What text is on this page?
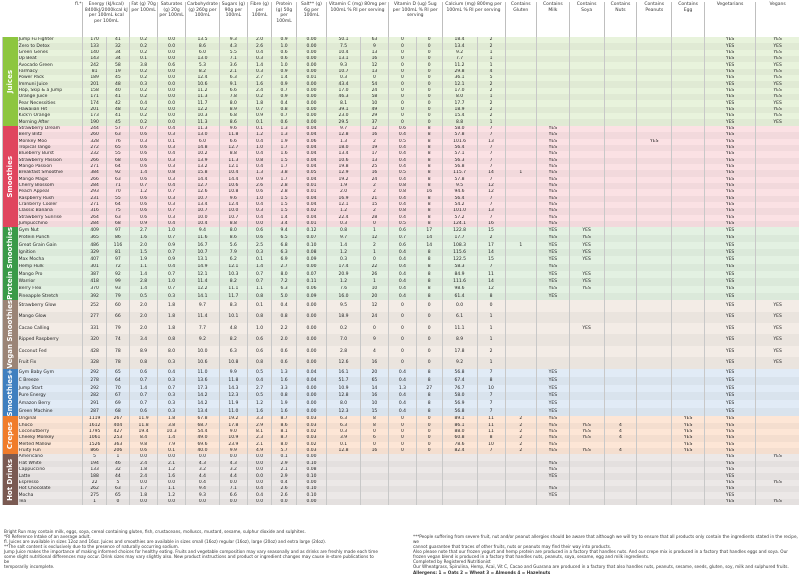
	fl.*	Energy (kJ/kcal) 8400kJ/2000kcal kJ per 100mL kcal per 100mL		Fat (g) 70g per 100mL	Saturates (g) 20g per 100mL	Carbohydrate (g) 260g per 100mL	Sugars (g) 90g per 100mL	Fibre (g) per 100mL	Protein (g) 50g per 100mL	Salt** (g) 6g per 100mL	Vitamin C (mg) 80mg per 100mL % RI per serving		Vitamin D (ug) 5ug per 100mL % RI per serving		Calcium (mg) 800mg per 100mL % RI per serving		Contains Gluten	Contains Milk	Contains Soya	Contains Nuts	Contains Peanuts	Contains Egg	Vegetarians	Vegans

Juices	Jump Fu Fighter	170	41	0.2	0.0	13.5	9.3	2.0	0.9	0.00	50.1	63	0	0	18.4	2							YES	YES
	Zero to Detox	133	32	0.2	0.0	8.6	4.3	2.6	1.0	0.00	7.5	9	0	0	13.4	2							YES	YES
	Green Genes	140	34	0.2	0.0	6.0	5.5	0.4	0.6	0.00	10.4	13	0	0	9.2	1							YES	YES
	Up Beat	143	34	0.1	0.0	13.0	7.1	0.3	0.6	0.00	13.1	16	0	0	7.7	1							YES	YES
	Avocado Green	242	58	3.8	0.6	5.3	3.6	1.4	1.0	0.00	9.3	12	0	0	11.2	1							YES	YES
	Farmacy	81	19	0.2	0.0	8.2	2.1	0.3	0.9	0.00	10.7	13	0	0	29.8	4							YES	YES
	Power Pack	189	45	0.2	0.0	12.4	6.3	2.7	1.4	0.01	0.3	0	0	0	36.1	5							YES	YES
	Immuni Juice	201	48	0.3	0.0	10.6	9.1	1.6	0.9	0.00	43.4	54	0	0	12.1	2							YES	YES
	Hop, Skip & a Jump	158	40	0.2	0.0	11.2	6.6	2.4	0.7	0.00	17.0	24	0	0	17.0	2							YES	YES
	Orange Juice	171	41	0.2	0.0	11.3	7.8	0.2	0.9	0.00	46.3	58	0	0	8.0	1							YES	YES
	Pear Necessities	174	42	0.4	0.0	11.7	8.0	1.8	0.4	0.00	8.1	10	0	0	17.7	2							YES	YES
	Hawaiian Hit	201	48	0.2	0.0	12.2	8.9	0.7	0.8	0.00	39.1	49	0	0	18.9	2							YES	YES
	Kick'n Orange	173	41	0.2	0.0	10.3	6.8	0.9	0.7	0.00	23.0	29	0	0	15.4	2							YES	YES
	Morning After	190	45	0.2	0.0	11.3	8.6	0.1	0.6	0.00	29.5	37	0	0	8.8	1							YES	YES

Smoothies	Strawberry Dream	244	57	0.7	0.4	11.3	9.6	0.1	1.3	0.04	9.7	12	0.6	8	58.0	7		YES					YES	
	Berry Blitz	260	63	0.6	0.3	13.0	11.8	1.2	1.3	0.04	12.8	16	0.4	8	57.8	7		YES					YES	
	Monkey Moo	328	76	0.3	0.1	6.0	6.6	0.4	1.9	0.06	1.3	2	0.5	8	101.6	13		YES			YES		YES	
	Tropical Tango	272	65	0.6	0.3	14.8	12.7	1.0	1.7	0.04	18.0	19	0.4	8	56.4	7		YES					YES	
	Blueberry Burst	232	55	0.6	0.4	10.2	8.8	0.4	1.6	0.04	13.4	17	0.4	8	57.1	7		YES					YES	
	Strawberry Passion	266	68	0.6	0.3	13.9	11.3	0.8	1.5	0.04	10.6	13	0.4	8	56.3	7		YES					YES	
	Mango Passion	271	64	0.6	0.3	13.2	12.1	0.4	1.7	0.04	19.8	25	0.4	8	56.8	7		YES					YES	
	Breakfast Smoothie	384	92	1.4	0.8	15.8	10.4	1.3	3.8	0.05	12.9	16	0.5	8	115.7	14	1	YES					YES	
	Mango Magic	266	63	0.6	0.3	14.4	14.4	0.9	1.7	0.04	19.2	24	0.4	8	57.8	7		YES					YES	
	Cherry Blossom	284	71	0.7	0.4	12.7	10.6	2.6	2.8	0.01	1.9	2	0.8	8	9.5	12		YES					YES	
	Peach Appeal	293	70	1.2	0.7	12.6	10.8	0.6	2.8	0.01	2.0	2	0.8	16	94.6	12		YES					YES	
	Raspberry Rush	231	55	0.6	0.3	10.7	9.6	1.0	1.5	0.04	16.9	21	0.4	8	56.4	7		YES					YES	
	Cranberry Cooler	271	64	0.6	0.3	13.4	12.4	0.4	1.5	0.04	12.1	15	0.4	8	54.2	7		YES					YES	
	Classic Banana	316	75	0.6	0.7	10.7	10.0	0.3	1.5	0.02	1.2	2	0.8	8	101.0	13		YES					YES	
	Strawberry Sunrise	264	63	0.6	0.3	10.0	10.7	0.4	1.4	0.04	22.4	28	0.4	8	57.2	7		YES					YES	
	Jumpucchino	284	68	0.9	0.4	10.4	8.8	0.0	3.4	0.01	0.3	0	0.5	8	124.1	16		YES					YES	

Protein Smoothies	Gym Nut	409	97	2.7	1.0	9.4	8.0	0.6	9.4	0.12	0.8	1	0.6	17	122.8	15		YES	YES				YES	
	Protein Punch	365	86	1.6	0.7	11.6	8.6	0.6	6.5	0.07	9.7	12	0.7	14	17.7	2		YES	YES				YES	
	Great Grain Gain	486	116	2.0	0.9	16.7	5.6	2.5	6.8	0.10	1.4	2	0.6	14	108.3	17	1	YES	YES				YES	
	Ignition	329	81	1.5	0.7	10.7	7.9	0.3	6.3	0.08	1.2	1	0.4	8	115.6	14		YES	YES				YES	
	Max Mocha	407	97	1.9	0.9	13.1	6.2	0.1	6.9	0.09	0.3	0	0.4	8	122.5	15		YES	YES				YES	
	Hemp Hulk	301	72	1.1	0.4	14.9	12.1	1.4	2.7	0.00	17.4	22	0.4	8	58.3	7		YES					YES	
	Mango Pro	387	92	1.4	0.7	12.1	10.3	0.7	8.0	0.07	20.9	26	0.4	8	84.9	11		YES	YES				YES	
	Warrior	418	99	2.8	1.0	11.4	8.2	0.7	7.2	0.11	1.2	1	0.4	8	111.6	14		YES	YES				YES	
	Berry Flex	370	93	1.4	0.7	12.2	11.1	1.1	6.3	0.06	7.6	10	0.4	8	98.6	12		YES	YES				YES	
	Pineapple Stretch	392	79	0.5	0.3	14.1	11.7	0.8	5.0	0.09	16.0	20	0.4	8	61.4	8		YES					YES	

Vegan Smoothies	Strawberry Glow	252	60	2.0	1.8	9.7	8.3	0.1	0.4	0.00	9.5	12	0	0	0.0	0							YES	YES
	Mango Glow	277	66	2.0	1.8	11.4	10.1	0.8	0.8	0.00	18.9	24	0	0	6.1	1							YES	YES
	Cacao Calling	331	79	2.0	1.8	7.7	4.8	1.0	2.2	0.00	0.2	0	0	0	11.1	1			YES				YES	YES
	Ripped Raspberry	320	74	3.4	0.8	9.2	8.2	0.6	2.0	0.00	7.0	9	0	0	8.9	1							YES	YES
	Coconut Fed	428	78	8.9	8.0	10.0	6.3	0.6	0.6	0.00	2.8	4	0	0	17.8	2							YES	YES
	Fruit Fix	328	78	0.8	0.3	10.6	10.8	0.8	0.6	0.00	12.6	16	0	0	9.2	1							YES	YES

Smoothies+	Gym Baby Gym	292	65	0.6	0.4	11.0	9.9	0.5	1.3	0.04	16.1	20	0.4	8	56.8	7		YES					YES	
	C Breeze	278	64	0.7	0.3	13.6	11.8	0.4	1.6	0.04	51.7	65	0.4	8	67.4	8		YES					YES	
	Jump Start	292	70	1.4	0.7	17.3	14.3	2.7	3.3	0.00	10.9	14	1.3	27	76.7	10		YES					YES	
	Pure Energy	282	67	0.7	0.3	14.2	12.3	0.5	0.8	0.00	12.8	16	0.4	8	58.0	7		YES					YES	
	Amazon Berry	291	69	0.7	0.3	14.2	11.9	1.2	1.9	0.00	8.0	10	0.4	8	56.9	7		YES					YES	
	Green Machine	287	68	0.6	0.3	13.4	11.0	1.6	1.6	0.00	12.3	15	0.4	8	56.8	7		YES					YES	

Crepes	Original	1119	267	11.9	1.8	67.8	19.2	3.3	8.7	0.03	6.3	8	0	0	89.1	11	2	YES				YES	YES	
	Choco	1612	404	11.8	3.8	68.7	17.8	2.9	8.6	0.03	6.3	8	0	0	86.1	11	2	YES	YES	4		YES	YES	
	Coconutberry	1795	427	19.4	10.3	54.4	9.0	8.1	8.1	0.02	0.3	0	0	0	88.0	11	2	YES	YES	4		YES	YES	
	Cheeky Monkey	1061	253	8.4	1.4	49.0	10.9	2.3	8.7	0.03	3.9	6	0	0	60.8	8	2	YES	YES	4		YES	YES	
	Melted Mallow	1526	363	9.8	7.9	69.6	23.9	2.1	8.0	0.02	0.1	0	0	0	78.6	10	2	YES				YES	YES	
	Fruity Fun	866	206	0.6	0.1	40.0	9.9	4.9	5.7	0.03	12.8	16	0	0	82.4	7	2	YES	YES	4		YES	YES	

Hot Drinks	Americano	5	1	0.0	0.0	0.0	0.0	0.0	0.1	0.00													YES	YES
	Flat White	194	46	2.4	2.1	4.3	4.3	0.0	2.9	0.10								YES					YES	
	Cappuccino	133	32	1.8	1.2	3.2	3.2	0.0	2.1	0.08								YES					YES	
	Latte	188	44	2.4	1.6	4.4	4.4	0.0	2.9	0.10								YES					YES	
	Espresso	22	5	0.0	0.0	0.4	0.0	0.0	0.4	0.00													YES	YES
	Hot Chocolate	262	63	1.7	1.1	9.4	7.1	0.4	2.6	0.10								YES					YES	
	Mocha	275	65	1.8	1.2	9.3	6.6	0.4	2.6	0.10								YES					YES	
	Tea	1	0	0.0	0.0	0.0	0.0	0.0	0.0	0.00													YES	YES
Bright Run may contain milk, eggs, soya, cereal containing gluten, fish, crustaceans, molluscs, mustard, sesame, sulphur dioxide and sulphites.
*RI Reference Intake of an average adult.
fl. Juices are available in sizes 12oz and 16oz. Juices and smoothies are available in sizes small (16oz) regular (16oz), large (20oz) and extra large (24oz).
**The salt content is exclusively due to the presence of naturally occurring sodium.
Jump Juice makes the importance of making informed choices for healthy eating. Fruits and vegetable composition may vary seasonally and as drinks are freshly made each time
some slight nutritional differences may occur. Drink sizes may vary slightly also. New product instructions and product or ingredient changes may cause in-store publications to be
temporarily incomplete.

***People suffering from severe fruit, nut and/or peanut allergies should be aware that although we will try to ensure that all products only contain the ingredients stated in the recipe, we
cannot guarantee that traces of other fruits, nuts or peanuts may find their way into products.
Also please note that our frozen yogurt and hemp protein are produced in a factory that handles nuts. And our crepe mix is produced in a factory that handles eggs and soya. Our
frozen vegan blend is produced in a factory that handles nuts, peanuts, soya, sesame, egg and milk ingredients.
Completed by Registered Nutritionist
Our Wheatgrass, Spirulina, Hemp, Acai, Vit C, Cacao and Guarana are produced in a factory that also handles nuts, peanuts, sesame, seeds, gluten, soy, milk and sulphured fruits.

Allergens: 1 = Oats 2 = Wheat 3 = Almonds 4 = Hazelnuts
